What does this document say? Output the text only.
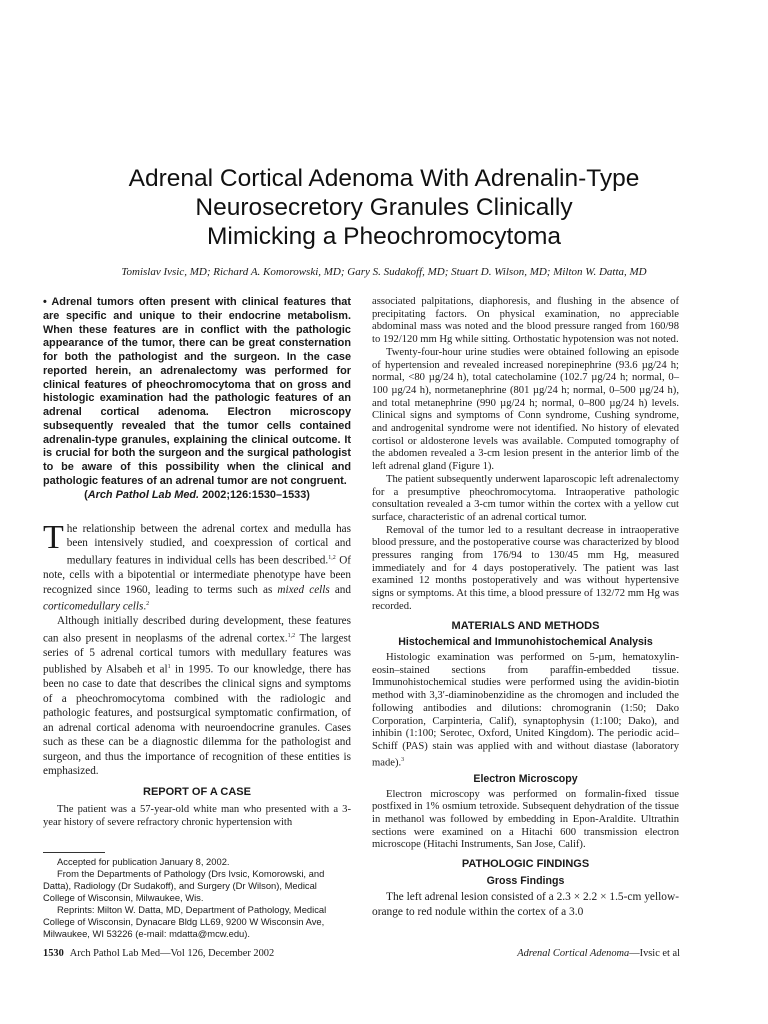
Adrenal Cortical Adenoma With Adrenalin-Type
Neurosecretory Granules Clinically
Mimicking a Pheochromocytoma
Tomislav Ivsic, MD; Richard A. Komorowski, MD; Gary S. Sudakoff, MD; Stuart D. Wilson, MD; Milton W. Datta, MD
• Adrenal tumors often present with clinical features that are specific and unique to their endocrine metabolism. When these features are in conflict with the pathologic appearance of the tumor, there can be great consternation for both the pathologist and the surgeon. In the case reported herein, an adrenalectomy was performed for clinical features of pheochromocytoma that on gross and histologic examination had the pathologic features of an adrenal cortical adenoma. Electron microscopy subsequently revealed that the tumor cells contained adrenalin-type granules, explaining the clinical outcome. It is crucial for both the surgeon and the surgical pathologist to be aware of this possibility when the clinical and pathologic features of an adrenal tumor are not congruent.
(Arch Pathol Lab Med. 2002;126:1530–1533)

The relationship between the adrenal cortex and medulla has been intensively studied, and coexpression of cortical and medullary features in individual cells has been described.$^{1,2}$ Of note, cells with a bipotential or intermediate phenotype have been recognized since 1960, leading to terms such as mixed cells and corticomedullary cells.$^2$

Although initially described during development, these features can also present in neoplasms of the adrenal cortex.$^{1,2}$ The largest series of 5 adrenal cortical tumors with medullary features was published by Alsabeh et $al^1$ in 1995. To our knowledge, there has been no case to date that describes the clinical signs and symptoms of a pheochromocytoma combined with the radiologic and pathologic features, and postsurgical symptomatic confirmation, of an adrenal cortical adenoma with neuroendocrine granules. Cases such as these can be a diagnostic dilemma for the pathologist and surgeon, and thus the importance of recognition of these entities is emphasized.

REPORT OF A CASE

The patient was a 57-year-old white man who presented with a 3-year history of severe refractory chronic hypertension with

Accepted for publication January 8, 2002.

From the Departments of Pathology (Drs Ivsic, Komorowski, and Datta), Radiology (Dr Sudakoff), and Surgery (Dr Wilson), Medical College of Wisconsin, Milwaukee, Wis.

Reprints: Milton W. Datta, MD, Department of Pathology, Medical College of Wisconsin, Dynacare Bldg LL69, 9200 W Wisconsin Ave, Milwaukee, WI 53226 (e-mail: mdatta@mcw.edu).

associated palpitations, diaphoresis, and flushing in the absence of precipitating factors. On physical examination, no appreciable abdominal mass was noted and the blood pressure ranged from 160/98 to 192/120 mm Hg while sitting. Orthostatic hypotension was not noted.

Twenty-four-hour urine studies were obtained following an episode of hypertension and revealed increased norepinephrine (93.6 µg/24 h; normal, <80 µg/24 h), total catecholamine (102.7 µg/24 h; normal, 0–100 µg/24 h), normetanephrine (801 µg/24 h; normal, 0–500 µg/24 h), and total metanephrine (990 µg/24 h; normal, 0–800 µg/24 h) levels. Clinical signs and symptoms of Conn syndrome, Cushing syndrome, and androgenital syndrome were not identified. No history of elevated cortisol or aldosterone levels was available. Computed tomography of the abdomen revealed a 3-cm lesion present in the anterior limb of the left adrenal gland (Figure 1).

The patient subsequently underwent laparoscopic left adrenalectomy for a presumptive pheochromocytoma. Intraoperative pathologic consultation revealed a 3-cm tumor within the cortex with a yellow cut surface, characteristic of an adrenal cortical tumor.

Removal of the tumor led to a resultant decrease in intraoperative blood pressure, and the postoperative course was characterized by blood pressures ranging from 176/94 to 130/45 mm Hg, measured immediately and for 4 days postoperatively. The patient was last examined 12 months postoperatively and was without hypertensive signs or symptoms. At this time, a blood pressure of 132/72 mm Hg was recorded.

MATERIALS AND METHODS
Histochemical and Immunohistochemical Analysis

Histologic examination was performed on 5-µm, hematoxylin-eosin–stained sections from paraffin-embedded tissue. Immunohistochemical studies were performed using the avidin-biotin method with 3,3′-diaminobenzidine as the chromogen and included the following antibodies and dilutions: chromogranin (1:50; Dako Corporation, Carpinteria, Calif), synaptophysin (1:100; Dako), and inhibin (1:100; Serotec, Oxford, United Kingdom). The periodic acid–Schiff (PAS) stain was applied with and without diastase (laboratory made).$^3$

Electron Microscopy

Electron microscopy was performed on formalin-fixed tissue postfixed in 1% osmium tetroxide. Subsequent dehydration of the tissue in methanol was followed by embedding in Epon-Araldite. Ultrathin sections were examined on a Hitachi 600 transmission electron microscope (Hitachi Instruments, San Jose, Calif).

PATHOLOGIC FINDINGS
Gross Findings

The left adrenal lesion consisted of a 2.3 × 2.2 × 1.5-cm yellow-orange to red nodule within the cortex of a 3.0

1530 Arch Pathol Lab Med—Vol 126, December 2002	Adrenal Cortical Adenoma—Ivsic et al
